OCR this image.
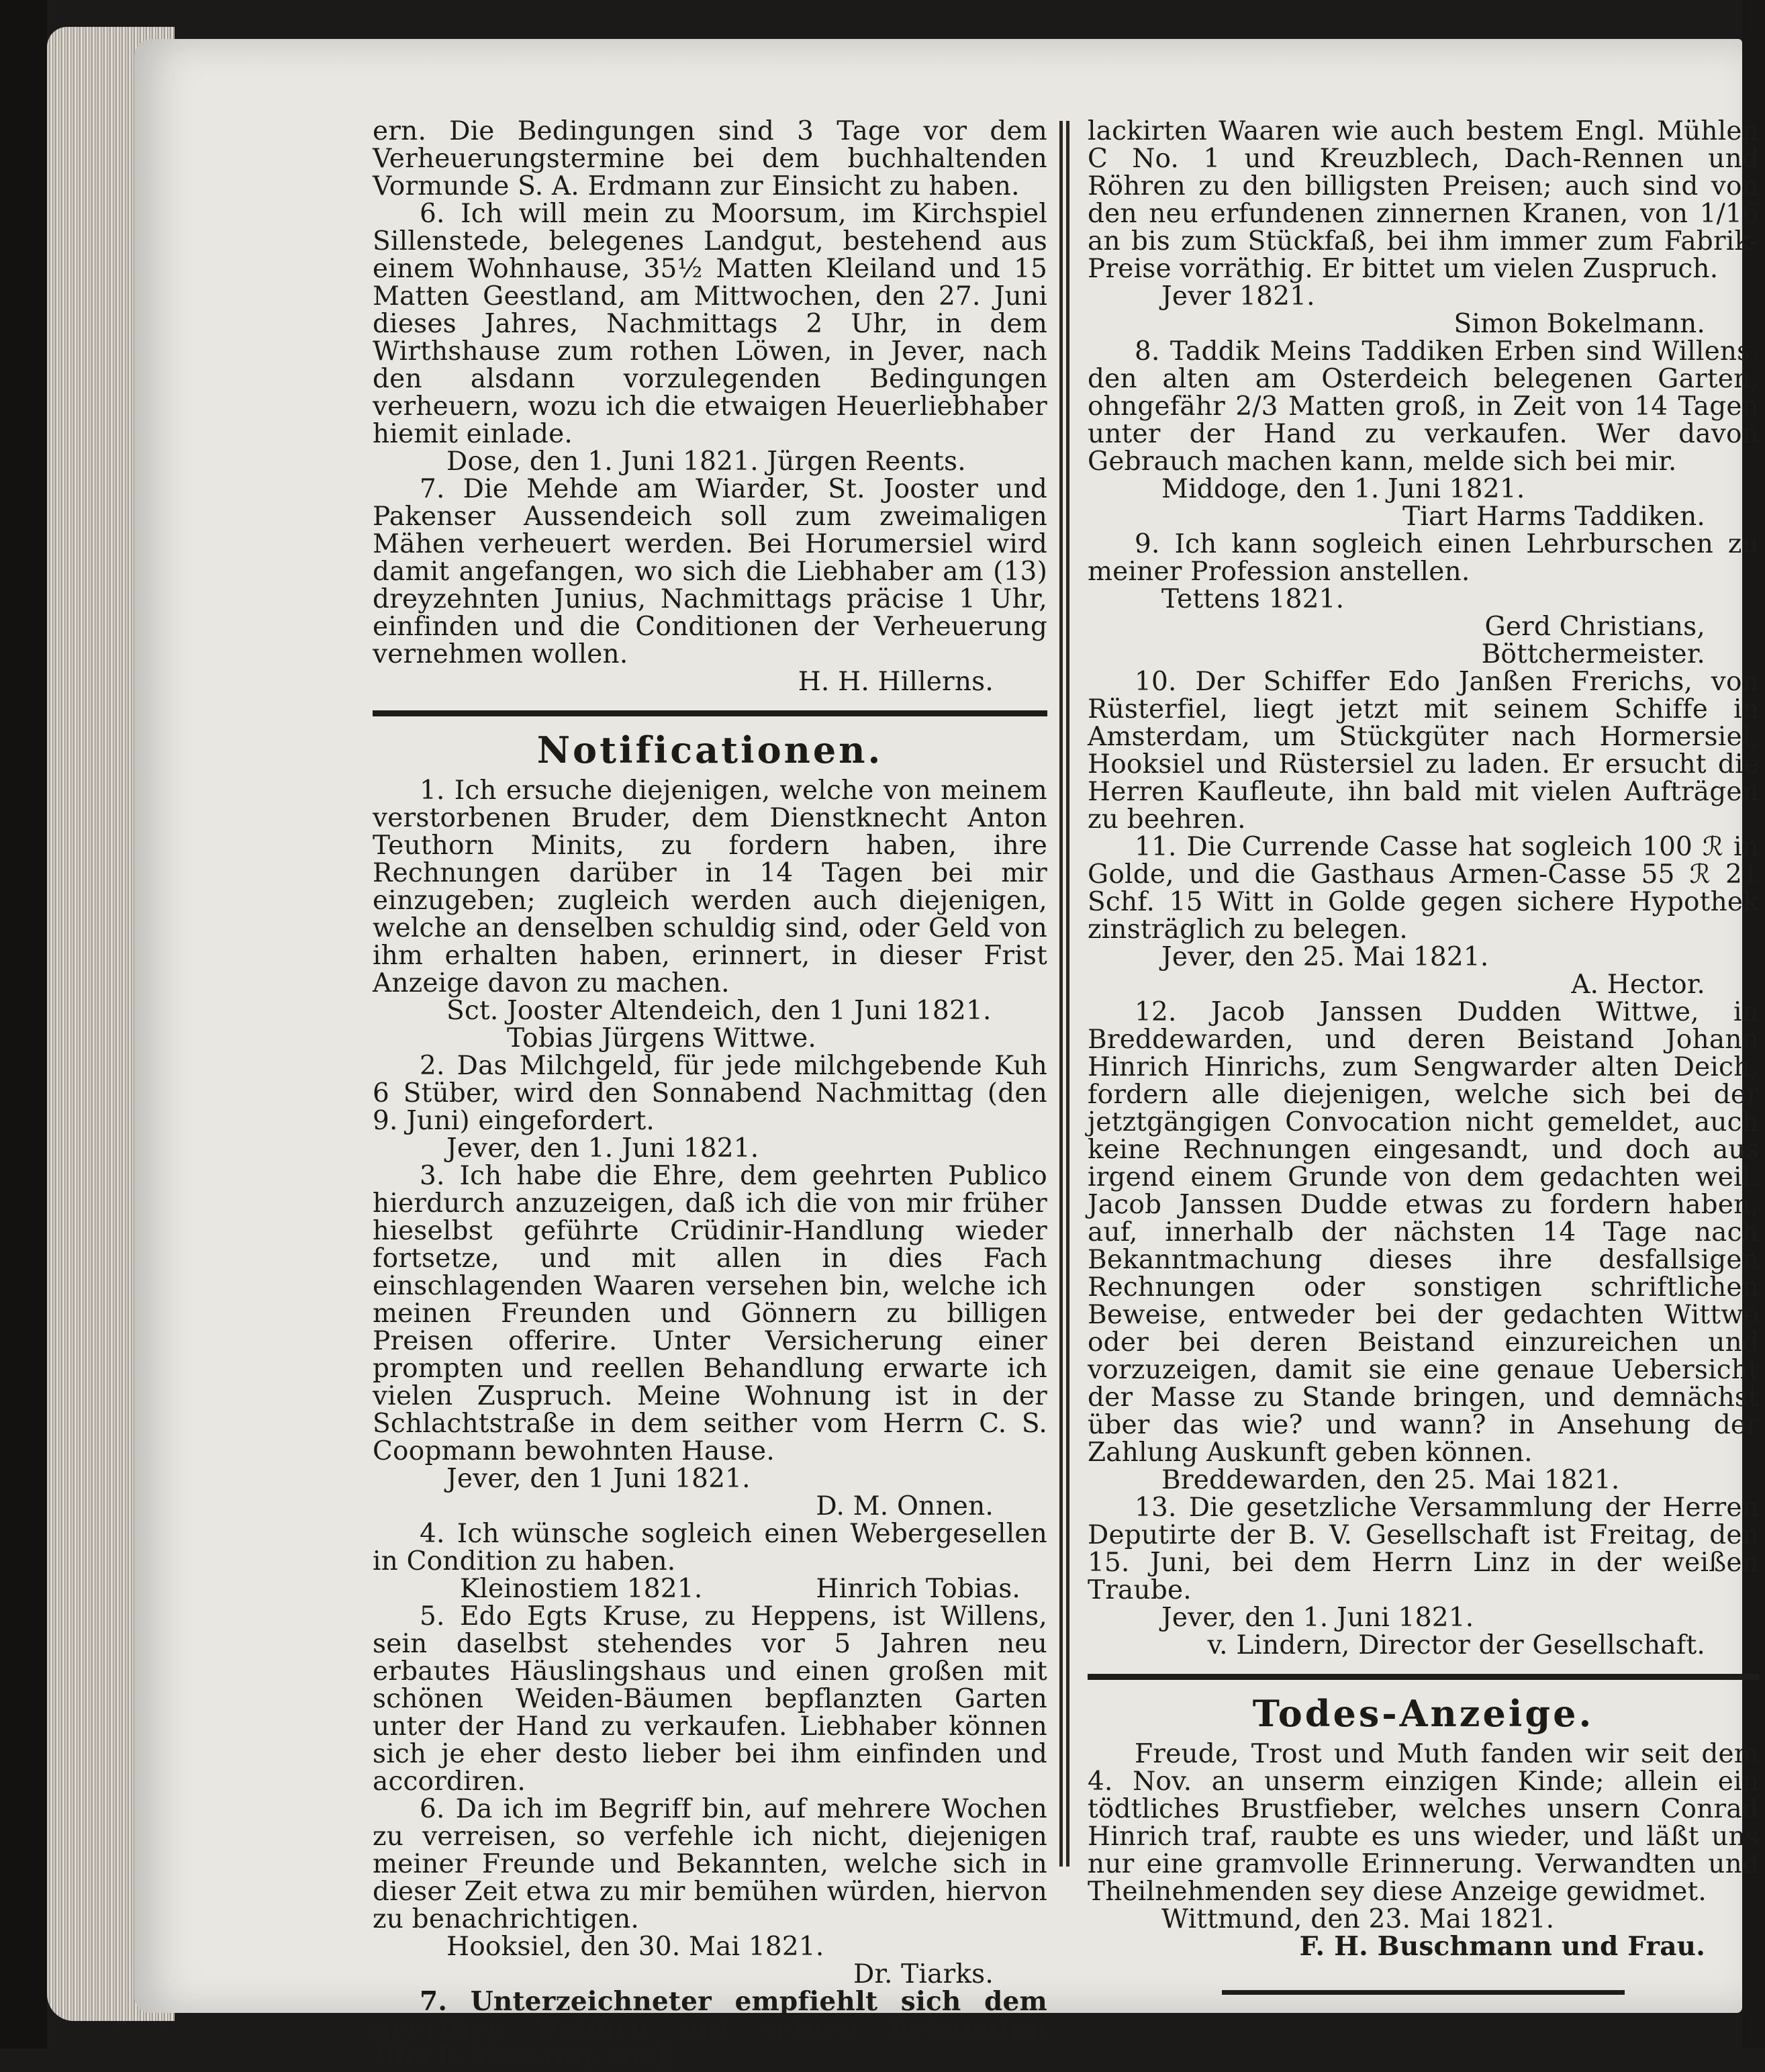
ern. Die Bedingungen sind 3 Tage vor dem Verheuerungstermine bei dem buchhaltenden Vormunde S. A. Erdmann zur Einsicht zu haben.

6. Ich will mein zu Moorsum, im Kirchspiel Sillenstede, belegenes Landgut, bestehend aus einem Wohnhause, 35½ Matten Kleiland und 15 Matten Geestland, am Mittwochen, den 27. Juni dieses Jahres, Nachmittags 2 Uhr, in dem Wirthshause zum rothen Löwen, in Jever, nach den alsdann vorzulegenden Bedingungen verheuern, wozu ich die etwaigen Heuerliebhaber hiemit einlade.

Dose, den 1. Juni 1821. Jürgen Reents.

7. Die Mehde am Wiarder, St. Jooster und Pakenser Aussendeich soll zum zweimaligen Mähen verheuert werden. Bei Horumersiel wird damit angefangen, wo sich die Liebhaber am (13) dreyzehnten Junius, Nachmittags präcise 1 Uhr, einfinden und die Conditionen der Verheuerung vernehmen wollen.

H. H. Hillerns.

Notificationen.

1. Ich ersuche diejenigen, welche von meinem verstorbenen Bruder, dem Dienstknecht Anton Teuthorn Minits, zu fordern haben, ihre Rechnungen darüber in 14 Tagen bei mir einzugeben; zugleich werden auch diejenigen, welche an denselben schuldig sind, oder Geld von ihm erhalten haben, erinnert, in dieser Frist Anzeige davon zu machen.

Sct. Jooster Altendeich, den 1 Juni 1821.

Tobias Jürgens Wittwe.

2. Das Milchgeld, für jede milchgebende Kuh 6 Stüber, wird den Sonnabend Nachmittag (den 9. Juni) eingefordert.

Jever, den 1. Juni 1821.

3. Ich habe die Ehre, dem geehrten Publico hierdurch anzuzeigen, daß ich die von mir früher hieselbst geführte Crüdinir-Handlung wieder fortsetze, und mit allen in dies Fach einschlagenden Waaren versehen bin, welche ich meinen Freunden und Gönnern zu billigen Preisen offerire. Unter Versicherung einer prompten und reellen Behandlung erwarte ich vielen Zuspruch. Meine Wohnung ist in der Schlachtstraße in dem seither vom Herrn C. S. Coopmann bewohnten Hause.

Jever, den 1 Juni 1821.

D. M. Onnen.

4. Ich wünsche sogleich einen Webergesellen in Condition zu haben.

Kleinostiem 1821.	Hinrich Tobias.

5. Edo Egts Kruse, zu Heppens, ist Willens, sein daselbst stehendes vor 5 Jahren neu erbautes Häuslingshaus und einen großen mit schönen Weiden-Bäumen bepflanzten Garten unter der Hand zu verkaufen. Liebhaber können sich je eher desto lieber bei ihm einfinden und accordiren.

6. Da ich im Begriff bin, auf mehrere Wochen zu verreisen, so verfehle ich nicht, diejenigen meiner Freunde und Bekannten, welche sich in dieser Zeit etwa zu mir bemühen würden, hiervon zu benachrichtigen.

Hooksiel, den 30. Mai 1821.

Dr. Tiarks.

7. Unterzeichneter empfiehlt sich dem geerthen Publico mit seinen bekannten Blech-Messing- und

lackirten Waaren wie auch bestem Engl. Mühlen C No. 1 und Kreuzblech, Dach-Rennen und Röhren zu den billigsten Preisen; auch sind von den neu erfundenen zinnernen Kranen, von 1/16 an bis zum Stückfaß, bei ihm immer zum Fabrik-Preise vorräthig. Er bittet um vielen Zuspruch.

Jever 1821.

Simon Bokelmann.

8. Taddik Meins Taddiken Erben sind Willens, den alten am Osterdeich belegenen Garten, ohngefähr 2/3 Matten groß, in Zeit von 14 Tagen unter der Hand zu verkaufen. Wer davon Gebrauch machen kann, melde sich bei mir.

Middoge, den 1. Juni 1821.

Tiart Harms Taddiken.

9. Ich kann sogleich einen Lehrburschen zu meiner Profession anstellen.

Tettens 1821.

Gerd Christians,

Böttchermeister.

10. Der Schiffer Edo Janßen Frerichs, von Rüsterfiel, liegt jetzt mit seinem Schiffe in Amsterdam, um Stückgüter nach Hormersiel, Hooksiel und Rüstersiel zu laden. Er ersucht die Herren Kaufleute, ihn bald mit vielen Aufträgen zu beehren.

11. Die Currende Casse hat sogleich 100 ℛ in Golde, und die Gasthaus Armen-Casse 55 ℛ 21 Schf. 15 Witt in Golde gegen sichere Hypothek zinsträglich zu belegen.

Jever, den 25. Mai 1821.

A. Hector.

12. Jacob Janssen Dudden Wittwe, in Breddewarden, und deren Beistand Johann Hinrich Hinrichs, zum Sengwarder alten Deich, fordern alle diejenigen, welche sich bei der jetztgängigen Convocation nicht gemeldet, auch keine Rechnungen eingesandt, und doch aus irgend einem Grunde von dem gedachten weil. Jacob Janssen Dudde etwas zu fordern haben, auf, innerhalb der nächsten 14 Tage nach Bekanntmachung dieses ihre desfallsigen Rechnungen oder sonstigen schriftlichen Beweise, entweder bei der gedachten Wittwe oder bei deren Beistand einzureichen und vorzuzeigen, damit sie eine genaue Uebersicht der Masse zu Stande bringen, und demnächst über das wie? und wann? in Ansehung der Zahlung Auskunft geben können.

Breddewarden, den 25. Mai 1821.

13. Die gesetzliche Versammlung der Herren Deputirte der B. V. Gesellschaft ist Freitag, den 15. Juni, bei dem Herrn Linz in der weißen Traube.

Jever, den 1. Juni 1821.

v. Lindern, Director der Gesellschaft.

Todes-Anzeige.

Freude, Trost und Muth fanden wir seit dem 4. Nov. an unserm einzigen Kinde; allein ein tödtliches Brustfieber, welches unsern Conrad Hinrich traf, raubte es uns wieder, und läßt uns nur eine gramvolle Erinnerung. Verwandten und Theilnehmenden sey diese Anzeige gewidmet.

Wittmund, den 23. Mai 1821.

F. H. Buschmann und Frau.
